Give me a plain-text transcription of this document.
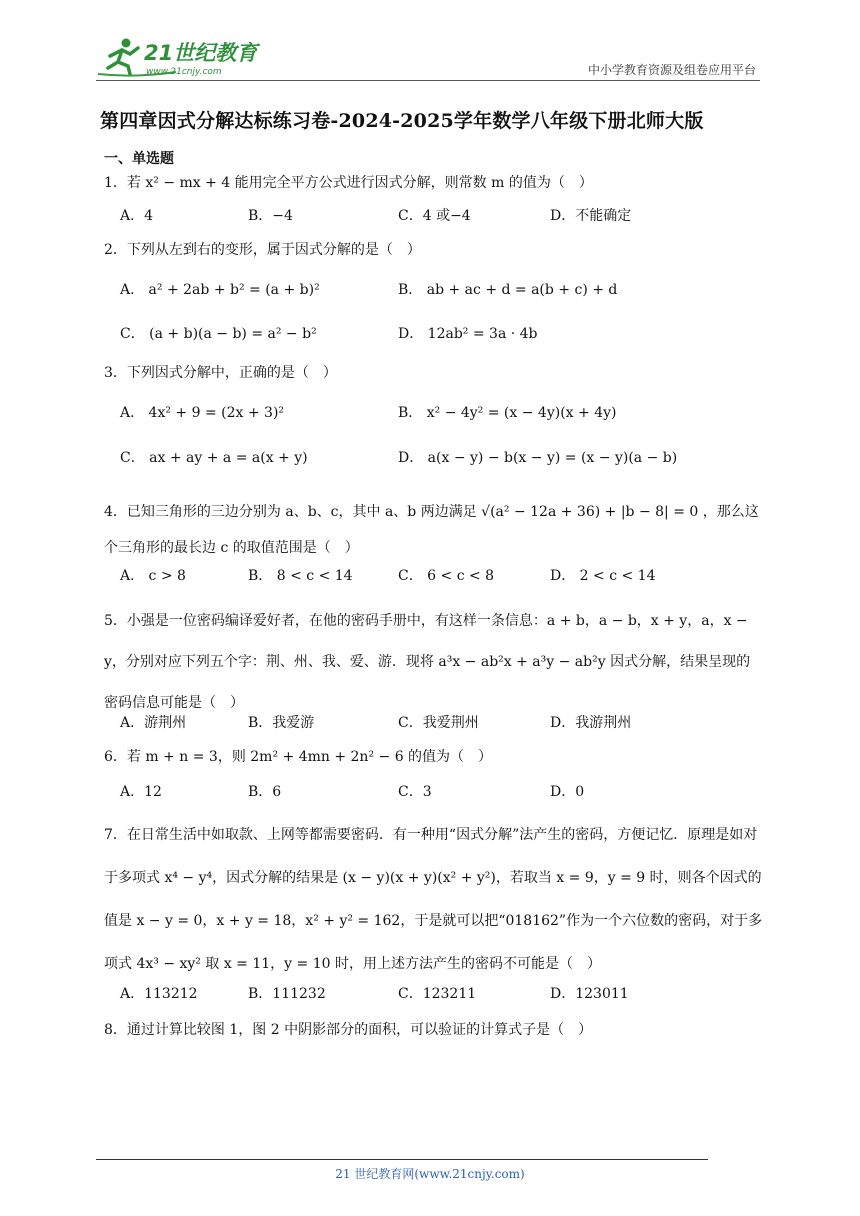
21世纪教育
www.21cnjy.com	中小学教育资源及组卷应用平台
第四章因式分解达标练习卷-2024-2025学年数学八年级下册北师大版
一、单选题
1．若 x² − mx + 4 能用完全平方公式进行因式分解，则常数 m 的值为（　）
A．4	B．−4	C．4 或−4	D．不能确定
2．下列从左到右的变形，属于因式分解的是（　）
A． a² + 2ab + b² = (a + b)²	B． ab + ac + d = a(b + c) + d
C． (a + b)(a − b) = a² − b²	D． 12ab² = 3a · 4b
3．下列因式分解中，正确的是（　）
A． 4x² + 9 = (2x + 3)²	B． x² − 4y² = (x − 4y)(x + 4y)
C． ax + ay + a = a(x + y)	D． a(x − y) − b(x − y) = (x − y)(a − b)
4．已知三角形的三边分别为 a、b、c，其中 a、b 两边满足 √(a² − 12a + 36) + |b − 8| = 0 ，那么这个三角形的最长边 c 的取值范围是（　）
A． c > 8	B． 8 < c < 14	C． 6 < c < 8	D． 2 < c < 14
5．小强是一位密码编译爱好者，在他的密码手册中，有这样一条信息：a + b，a − b，x + y，a，x − y，分别对应下列五个字：荆、州、我、爱、游．现将 a³x − ab²x + a³y − ab²y 因式分解，结果呈现的密码信息可能是（　）
A．游荆州	B．我爱游	C．我爱荆州	D．我游荆州
6．若 m + n = 3，则 2m² + 4mn + 2n² − 6 的值为（　）
A．12	B．6	C．3	D．0
7．在日常生活中如取款、上网等都需要密码．有一种用“因式分解”法产生的密码，方便记忆．原理是如对于多项式 x⁴ − y⁴，因式分解的结果是 (x − y)(x + y)(x² + y²)，若取当 x = 9，y = 9 时，则各个因式的值是 x − y = 0，x + y = 18，x² + y² = 162，于是就可以把“018162”作为一个六位数的密码，对于多项式 4x³ − xy² 取 x = 11，y = 10 时，用上述方法产生的密码不可能是（　）
A．113212	B．111232	C．123211	D．123011
8．通过计算比较图 1，图 2 中阴影部分的面积，可以验证的计算式子是（　）
21 世纪教育网(www.21cnjy.com)
